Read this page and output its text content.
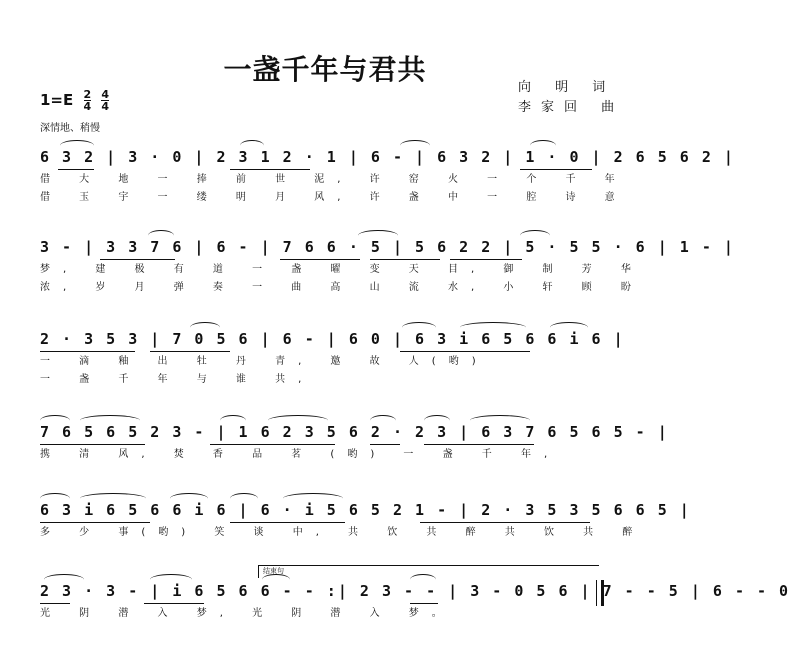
一盏千年与君共
向 明 词
李家回 曲
$1=E \frac{2}{4}$
$\frac{4}{4}$
深情地、稍慢
6 3 2 | 3 · 0 | 2 3 1 2 · 1 | 6 - | 6 3 2 | 1 · 0 | 2 6 5 6 2 |
借 大 地 一 捧 前 世 泥, 许 窑 火 一 个 千 年
借 玉 宇 一 缕 明 月 风, 许 盏 中 一 腔 诗 意
3 - | 3 3 7 6 | 6 - | 7 6 6 · 5 | 5 6 2 2 | 5 · 5 5 · 6 | 1 - |
梦, 建 极 有 道 一 盏 曜 变 天 目, 御 制 芳 华
浓, 岁 月 弹 奏 一 曲 高 山 流 水, 小 轩 顾 盼
2 · 3 5 3 | 7 0 5 6 | 6 - | 6 0 | 6 3 i 6 5 6 6 i 6 |
一 滴 釉 出 牡 丹 青, 邀 故 人(哟)
一 盏 千 年 与 谁 共,
7 6 5 6 5 2 3 - | 1 6 2 3 5 6 2 · 2 3 | 6 3 7 6 5 6 5 - |
携 清 风, 焚 香 品 茗 (哟) 一 盏 千 年,
6 3 i 6 5 6 6 i 6 | 6 · i 5 6 5 2 1 - | 2 · 3 5 3 5 6 6 5 |
多 少 事(哟) 笑 谈 中, 共 饮 共 醉 共 饮 共 醉
结束句
2 3 · 3 - | i 6 5 6 6 - - :| 2 3 - - | 3 - 0 5 6 | 7 - - 5 | 6 - - 0
光 阴 潜 入 梦, 光 阴 潜 入 梦。
